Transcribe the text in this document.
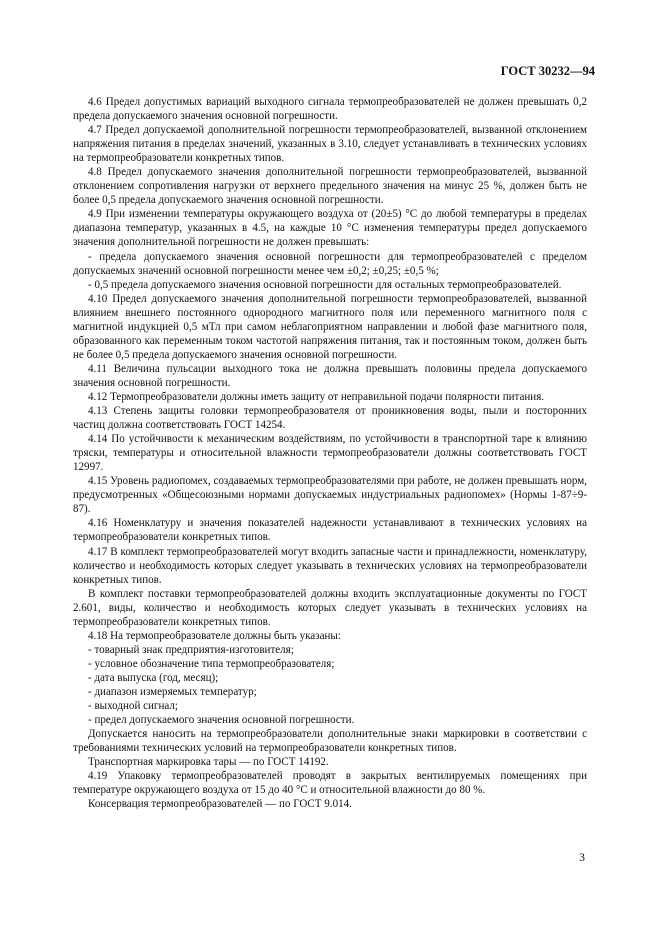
ГОСТ 30232—94

4.6 Предел допустимых вариаций выходного сигнала термопреобразователей не должен превышать 0,2 предела допускаемого значения основной погрешности.

4.7 Предел допускаемой дополнительной погрешности термопреобразователей, вызванной отклонением напряжения питания в пределах значений, указанных в 3.10, следует устанавливать в технических условиях на термопреобразователи конкретных типов.

4.8 Предел допускаемого значения дополнительной погрешности термопреобразователей, вызванной отклонением сопротивления нагрузки от верхнего предельного значения на минус 25 %, должен быть не более 0,5 предела допускаемого значения основной погрешности.

4.9 При изменении температуры окружающего воздуха от (20±5) °С до любой температуры в пределах диапазона температур, указанных в 4.5, на каждые 10 °С изменения температуры предел допускаемого значения дополнительной погрешности не должен превышать:

- предела допускаемого значения основной погрешности для термопреобразователей с пределом допускаемых значений основной погрешности менее чем ±0,2; ±0,25; ±0,5 %;

- 0,5 предела допускаемого значения основной погрешности для остальных термопреобразователей.

4.10 Предел допускаемого значения дополнительной погрешности термопреобразователей, вызванной влиянием внешнего постоянного однородного магнитного поля или переменного магнитного поля с магнитной индукцией 0,5 мТл при самом неблагоприятном направлении и любой фазе магнитного поля, образованного как переменным током частотой напряжения питания, так и постоянным током, должен быть не более 0,5 предела допускаемого значения основной погрешности.

4.11 Величина пульсации выходного тока не должна превышать половины предела допускаемого значения основной погрешности.

4.12 Термопреобразователи должны иметь защиту от неправильной подачи полярности питания.

4.13 Степень защиты головки термопреобразователя от проникновения воды, пыли и посторонних частиц должна соответствовать ГОСТ 14254.

4.14 По устойчивости к механическим воздействиям, по устойчивости в транспортной таре к влиянию тряски, температуры и относительной влажности термопреобразователи должны соответствовать ГОСТ 12997.

4.15 Уровень радиопомех, создаваемых термопреобразователями при работе, не должен превышать норм, предусмотренных «Общесоюзными нормами допускаемых индустриальных радиопомех» (Нормы 1-87÷9-87).

4.16 Номенклатуру и значения показателей надежности устанавливают в технических условиях на термопреобразователи конкретных типов.

4.17 В комплект термопреобразователей могут входить запасные части и принадлежности, номенклатуру, количество и необходимость которых следует указывать в технических условиях на термопреобразователи конкретных типов.

В комплект поставки термопреобразователей должны входить эксплуатационные документы по ГОСТ 2.601, виды, количество и необходимость которых следует указывать в технических условиях на термопреобразователи конкретных типов.

4.18 На термопреобразователе должны быть указаны:

- товарный знак предприятия-изготовителя;

- условное обозначение типа термопреобразователя;

- дата выпуска (год, месяц);

- диапазон измеряемых температур;

- выходной сигнал;

- предел допускаемого значения основной погрешности.

Допускается наносить на термопреобразователи дополнительные знаки маркировки в соответствии с требованиями технических условий на термопреобразователи конкретных типов.

Транспортная маркировка тары — по ГОСТ 14192.

4.19 Упаковку термопреобразователей проводят в закрытых вентилируемых помещениях при температуре окружающего воздуха от 15 до 40 °С и относительной влажности до 80 %.

Консервация термопреобразователей — по ГОСТ 9.014.

3
